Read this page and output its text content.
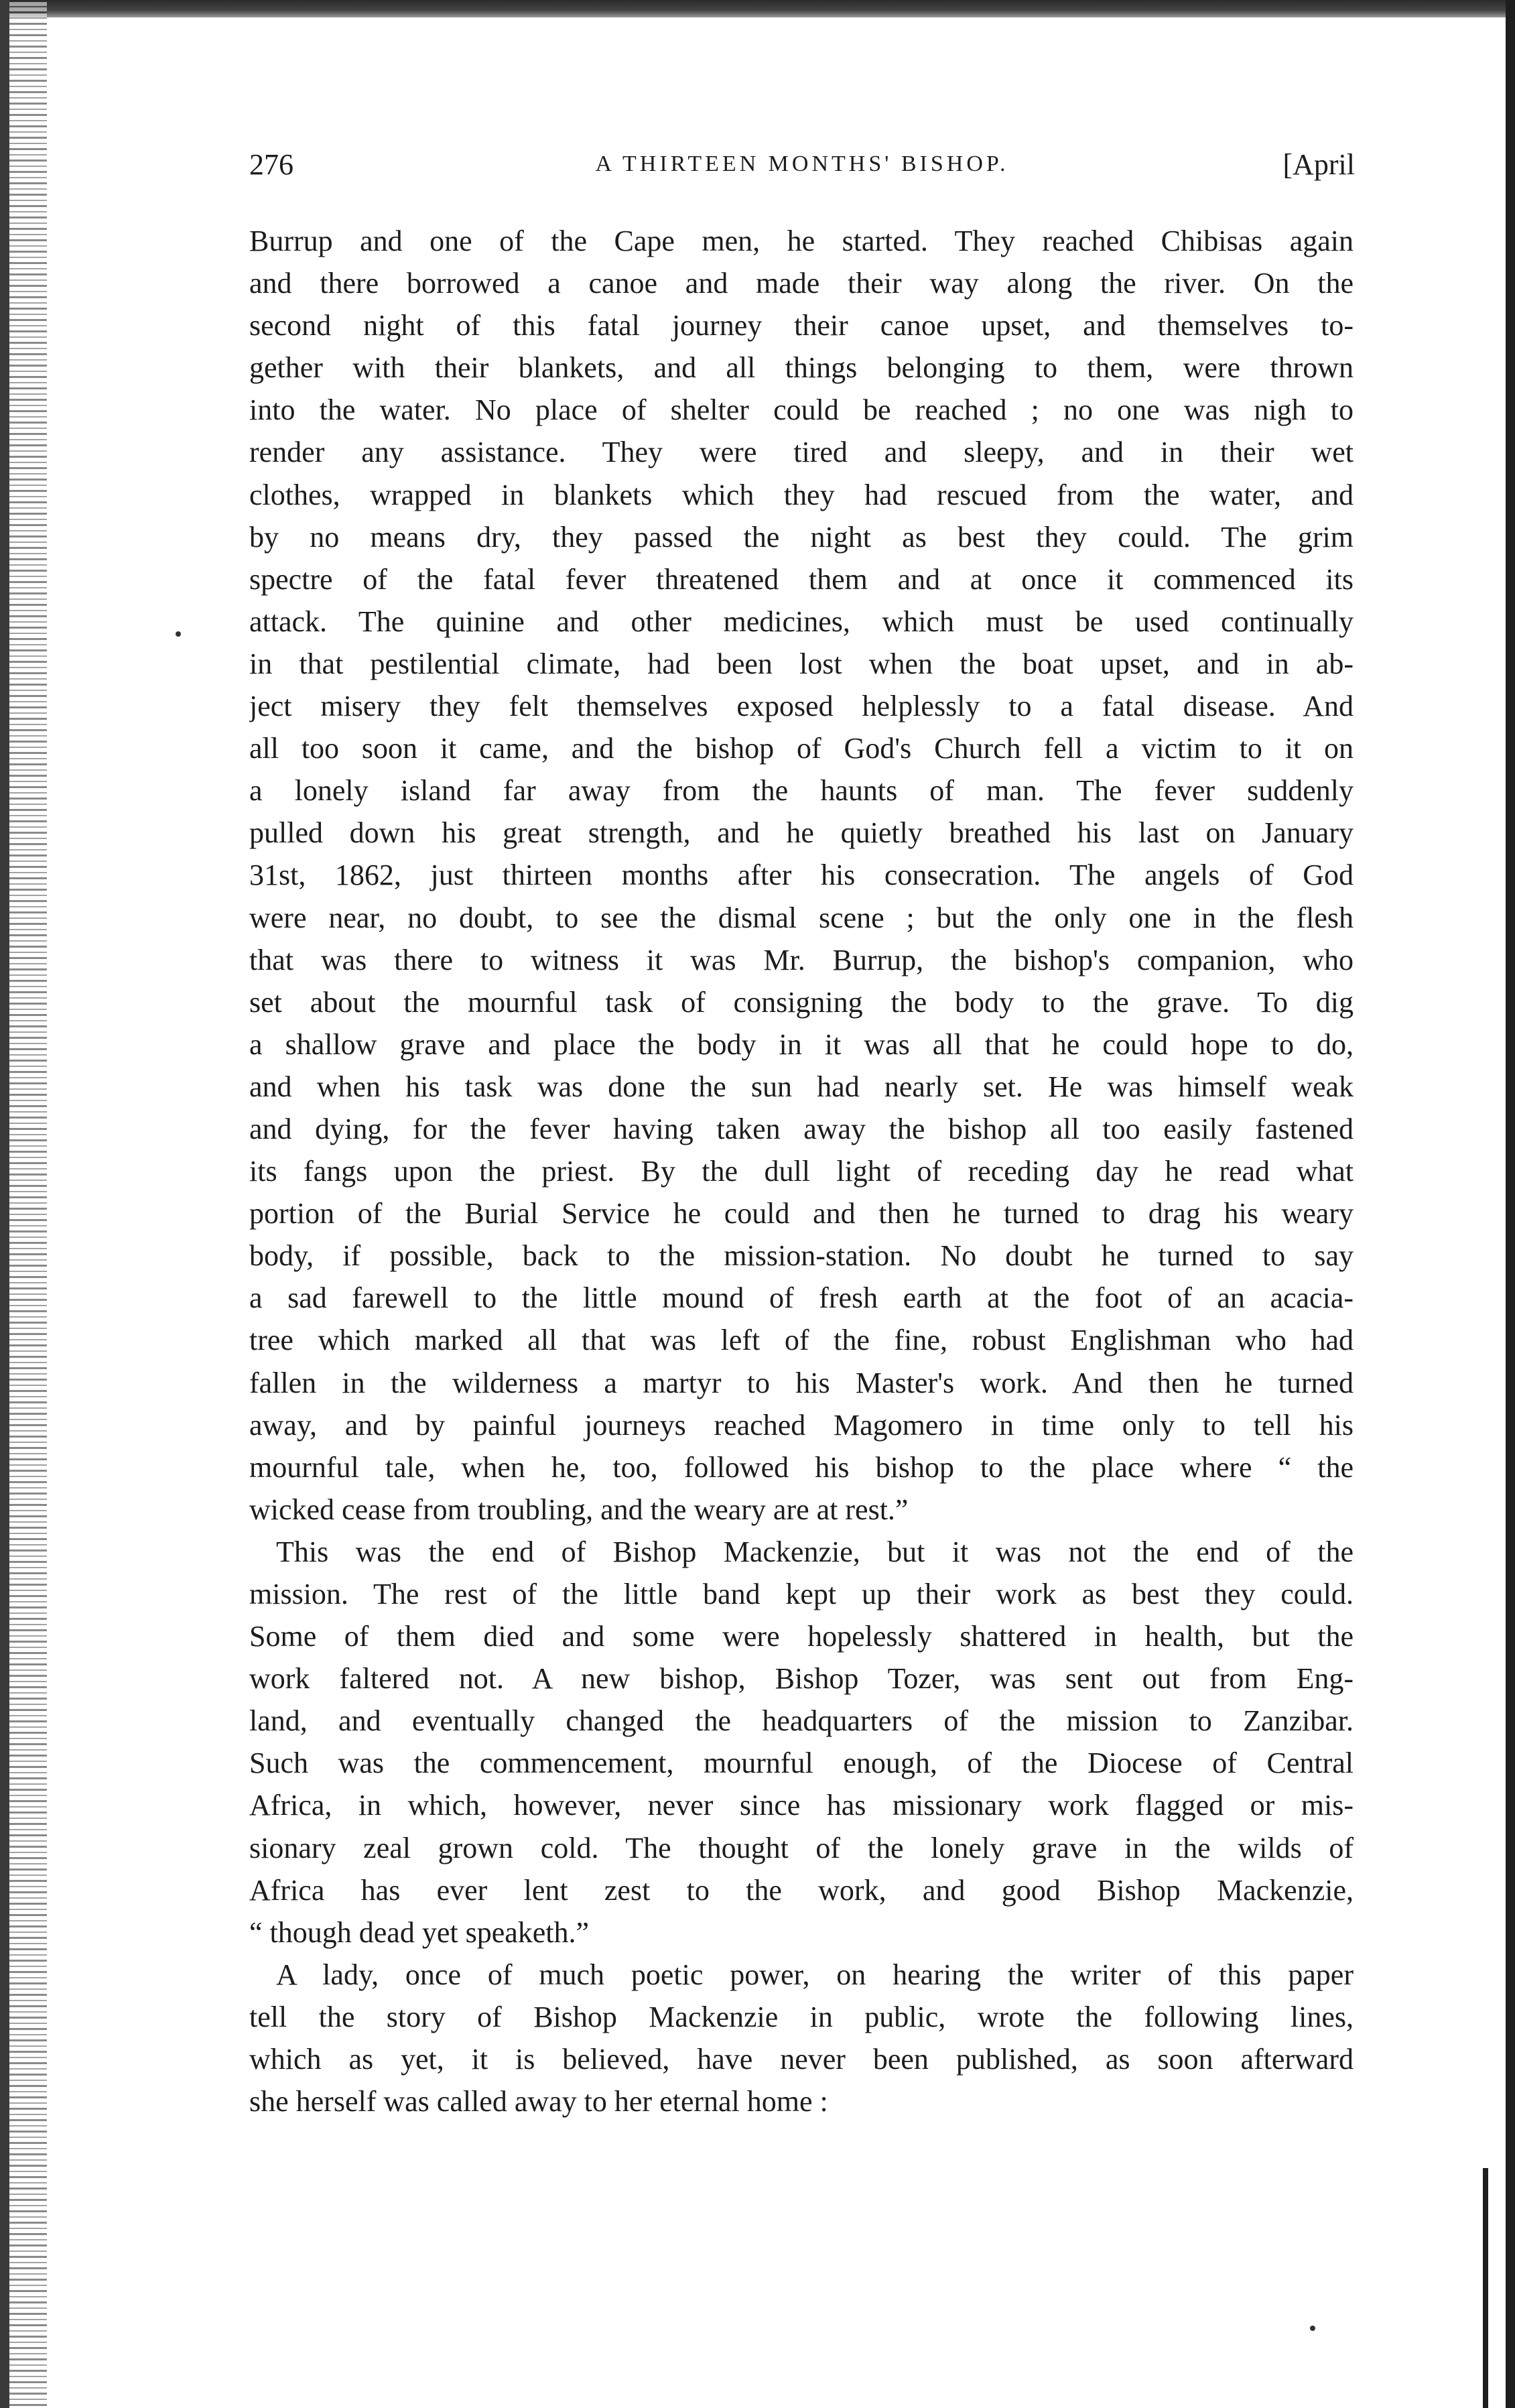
276	A THIRTEEN MONTHS' BISHOP.	[April
Burrup and one of the Cape men, he started. They reached Chibisas again
and there borrowed a canoe and made their way along the river. On the
second night of this fatal journey their canoe upset, and themselves to-
gether with their blankets, and all things belonging to them, were thrown
into the water. No place of shelter could be reached ; no one was nigh to
render any assistance. They were tired and sleepy, and in their wet
clothes, wrapped in blankets which they had rescued from the water, and
by no means dry, they passed the night as best they could. The grim
spectre of the fatal fever threatened them and at once it commenced its
attack. The quinine and other medicines, which must be used continually
in that pestilential climate, had been lost when the boat upset, and in ab-
ject misery they felt themselves exposed helplessly to a fatal disease. And
all too soon it came, and the bishop of God's Church fell a victim to it on
a lonely island far away from the haunts of man. The fever suddenly
pulled down his great strength, and he quietly breathed his last on January
31st, 1862, just thirteen months after his consecration. The angels of God
were near, no doubt, to see the dismal scene ; but the only one in the flesh
that was there to witness it was Mr. Burrup, the bishop's companion, who
set about the mournful task of consigning the body to the grave. To dig
a shallow grave and place the body in it was all that he could hope to do,
and when his task was done the sun had nearly set. He was himself weak
and dying, for the fever having taken away the bishop all too easily fastened
its fangs upon the priest. By the dull light of receding day he read what
portion of the Burial Service he could and then he turned to drag his weary
body, if possible, back to the mission-station. No doubt he turned to say
a sad farewell to the little mound of fresh earth at the foot of an acacia-
tree which marked all that was left of the fine, robust Englishman who had
fallen in the wilderness a martyr to his Master's work. And then he turned
away, and by painful journeys reached Magomero in time only to tell his
mournful tale, when he, too, followed his bishop to the place where “ the
wicked cease from troubling, and the weary are at rest.”
This was the end of Bishop Mackenzie, but it was not the end of the
mission. The rest of the little band kept up their work as best they could.
Some of them died and some were hopelessly shattered in health, but the
work faltered not. A new bishop, Bishop Tozer, was sent out from Eng-
land, and eventually changed the headquarters of the mission to Zanzibar.
Such was the commencement, mournful enough, of the Diocese of Central
Africa, in which, however, never since has missionary work flagged or mis-
sionary zeal grown cold. The thought of the lonely grave in the wilds of
Africa has ever lent zest to the work, and good Bishop Mackenzie,
“ though dead yet speaketh.”
A lady, once of much poetic power, on hearing the writer of this paper
tell the story of Bishop Mackenzie in public, wrote the following lines,
which as yet, it is believed, have never been published, as soon afterward
she herself was called away to her eternal home :
